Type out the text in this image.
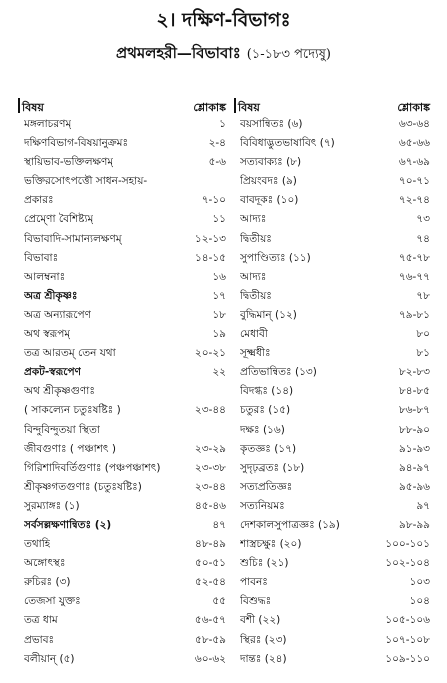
২। দক্ষিণ-বিভাগঃ
প্রথমলহরী—বিভাবাঃ (১-১৮৩ পদ্যেষু)
বিষয়	শ্লোকাঙ্ক
মঙ্গলাচরণম্	১
দক্ষিণবিভাগ-বিষয়ানুক্রমঃ	২-৪
স্থায়িভাব-ভক্তিলক্ষণম্	৫-৬
ভক্তিরসোৎপত্তৌ সাধন-সহায়-
প্রকারঃ	৭-১০
প্রেম্ণো বৈশিষ্ট্যম্	১১
বিভাবাদি-সামান্যলক্ষণম্	১২-১৩
বিভাবাঃ	১৪-১৫
আলম্বনাঃ	১৬
অত্র শ্রীকৃষ্ণঃ	১৭
অত্র অন্যারূপেণ	১৮
অথ স্বরূপম্	১৯
তত্র আরতম্ তেন যথা	২০-২১
প্রকট-স্বরূপেণ	২২
অথ শ্রীকৃষ্ণগুণাঃ
( সাকল্যেন চতুঃষষ্টিঃ )	২৩-৪৪
বিন্দুবিন্দুতয়া স্থিতা
জীবগুণাঃ ( পঞ্চাশৎ )	২৩-২৯
গিরিশাদিবর্তিগুণাঃ (পঞ্চপঞ্চাশৎ)	২৩-৩৮
শ্রীকৃষ্ণগতগুণাঃ (চতুঃষষ্টিঃ)	২৩-৪৪
সুরম্যাঙ্গঃ (১)	৪৫-৪৬
সর্বসল্লক্ষণান্বিতঃ (২)	৪৭
তথাহি	৪৮-৪৯
অঙ্গোৎস্থঃ	৫০-৫১
রুচিরঃ (৩)	৫২-৫৪
তেজসা যুক্তঃ	৫৫
তত্র ধাম	৫৬-৫৭
প্রভাবঃ	৫৮-৫৯
বলীয়ান্ (৫)	৬০-৬২
বিষয়	শ্লোকাঙ্ক
বয়সান্বিতঃ (৬)	৬৩-৬৪
বিবিধাদ্ভুতভাষাবিৎ (৭)	৬৫-৬৬
সত্যবাক্যঃ (৮)	৬৭-৬৯
প্রিয়ংবদঃ (৯)	৭০-৭১
বাবদূকঃ (১০)	৭২-৭৪
আদ্যঃ	৭৩
দ্বিতীয়ঃ	৭৪
সুপাণ্ডিত্যঃ (১১)	৭৫-৭৮
আদ্যঃ	৭৬-৭৭
দ্বিতীয়ঃ	৭৮
বুদ্ধিমান্ (১২)	৭৯-৮১
মেধাবী	৮০
সূক্ষ্মধীঃ	৮১
প্রতিভান্বিতঃ (১৩)	৮২-৮৩
বিদগ্ধঃ (১৪)	৮৪-৮৫
চতুরঃ (১৫)	৮৬-৮৭
দক্ষঃ (১৬)	৮৮-৯০
কৃতজ্ঞঃ (১৭)	৯১-৯৩
সুদৃঢ়ব্রতঃ (১৮)	৯৪-৯৭
সত্যপ্রতিজ্ঞঃ	৯৫-৯৬
সত্যনিয়মঃ	৯৭
দেশকালসুপাত্রজ্ঞঃ (১৯)	৯৮-৯৯
শাস্ত্রচক্ষুঃ (২০)	১০০-১০১
শুচিঃ (২১)	১০২-১০৪
পাবনঃ	১০৩
বিশুদ্ধঃ	১০৪
বশী (২২)	১০৫-১০৬
স্থিরঃ (২৩)	১০৭-১০৮
দান্তঃ (২৪)	১০৯-১১০
